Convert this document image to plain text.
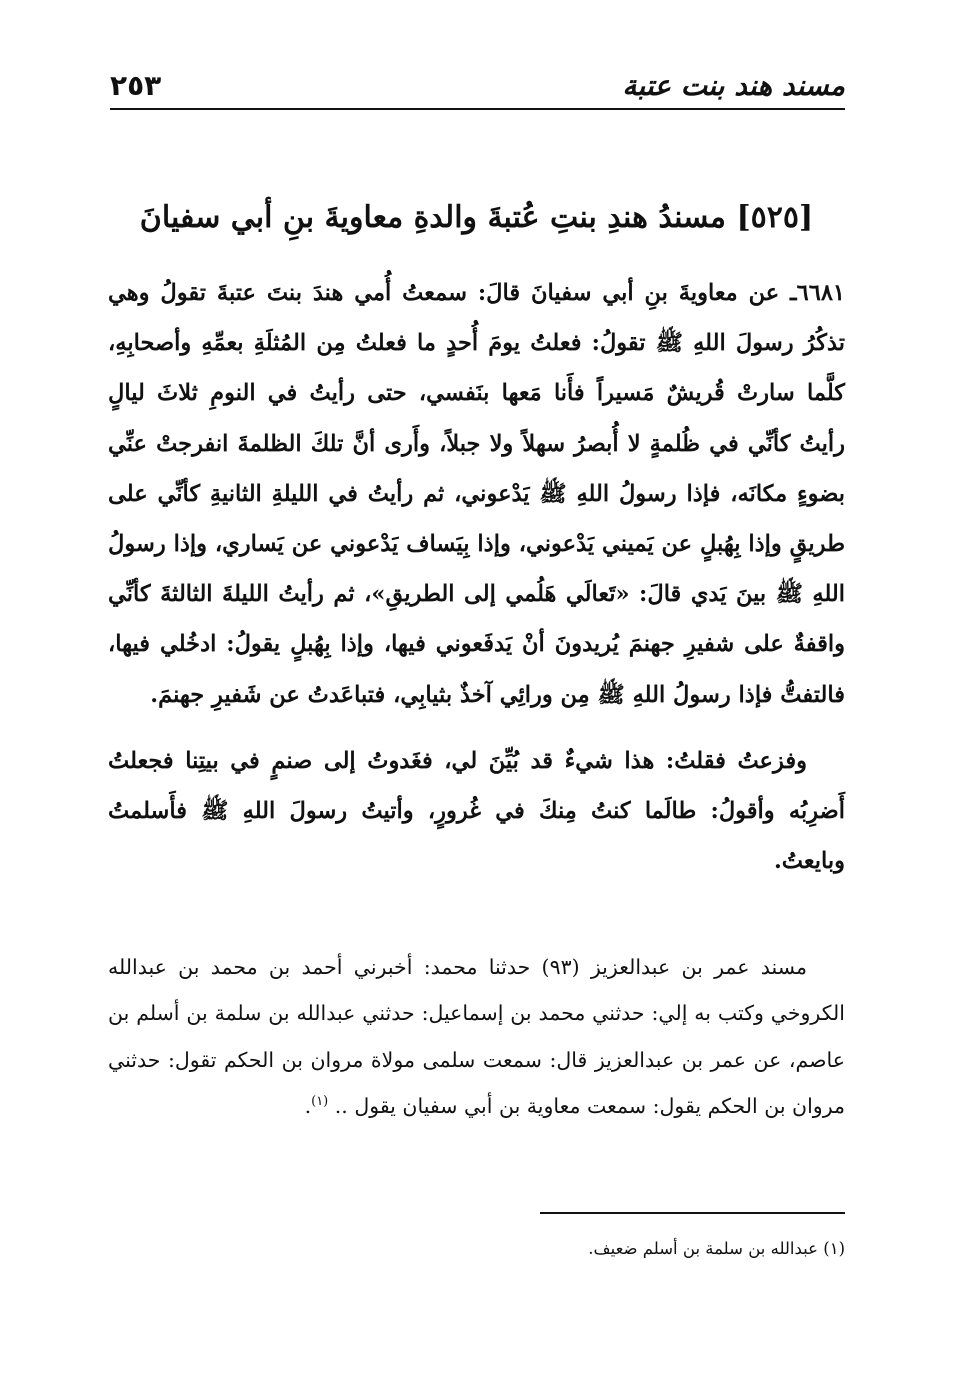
مسند هند بنت عتبة
٢٥٣
[٥٢٥] مسندُ هندِ بنتِ عُتبةَ والدةِ معاويةَ بنِ أبي سفيانَ

٦٦٨١ـ عن معاويةَ بنِ أبي سفيانَ قالَ: سمعتُ أُمي هندَ بنتَ عتبةَ تقولُ وهي تذكُرُ رسولَ اللهِ ﷺ تقولُ: فعلتُ يومَ أُحدٍ ما فعلتُ مِن المُثلَةِ بعمِّهِ وأصحابِهِ، كلَّما سارتْ قُريشٌ مَسيراً فأَنا مَعها بنَفسي، حتى رأيتُ في النومِ ثلاثَ ليالٍ رأيتُ كأنِّي في ظُلمةٍ لا أُبصرُ سهلاً ولا جبلاً، وأَرى أنَّ تلكَ الظلمةَ انفرجتْ عنِّي بضوءٍ مكانَه، فإذا رسولُ اللهِ ﷺ يَدْعوني، ثم رأيتُ في الليلةِ الثانيةِ كأنِّي على طريقٍ وإذا بِهُبلٍ عن يَميني يَدْعوني، وإذا بِيَساف يَدْعوني عن يَساري، وإذا رسولُ اللهِ ﷺ بينَ يَدي قالَ: «تَعالَي هَلُمي إلى الطريقِ»، ثم رأيتُ الليلةَ الثالثةَ كأنِّي واقفةٌ على شفيرِ جهنمَ يُريدونَ أنْ يَدفَعوني فيها، وإذا بِهُبلٍ يقولُ: ادخُلي فيها، فالتفتُّ فإذا رسولُ اللهِ ﷺ مِن ورائِي آخذٌ بثيابِي، فتباعَدتُ عن شَفيرِ جهنمَ.

وفزعتُ فقلتُ: هذا شيءٌ قد بُيِّنَ لي، فغَدوتُ إلى صنمٍ في بيتِنا فجعلتُ أَضرِبُه وأقولُ: طالَما كنتُ مِنكَ في غُرورٍ، وأتيتُ رسولَ اللهِ ﷺ فأَسلمتُ وبايعتُ.

مسند عمر بن عبدالعزيز (٩٣) حدثنا محمد: أخبرني أحمد بن محمد بن عبدالله الكروخي وكتب به إلي: حدثني محمد بن إسماعيل: حدثني عبدالله بن سلمة بن أسلم بن عاصم، عن عمر بن عبدالعزيز قال: سمعت سلمى مولاة مروان بن الحكم تقول: حدثني مروان بن الحكم يقول: سمعت معاوية بن أبي سفيان يقول .. $^{(١)}$.

(١) عبدالله بن سلمة بن أسلم ضعيف.
